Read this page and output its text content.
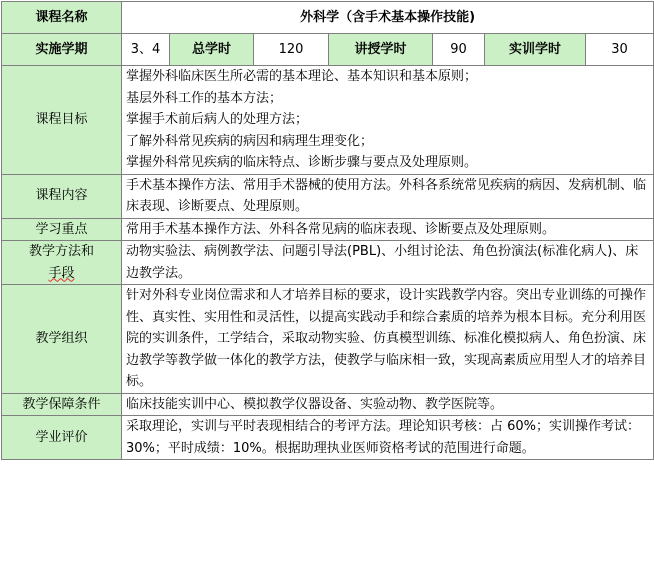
课程名称	外科学（含手术基本操作技能)						
实施学期	3、4	总学时	120	讲授学时	90	实训学时	30
课程目标	掌握外科临床医生所必需的基本理论、基本知识和基本原则；
基层外科工作的基本方法；
掌握手术前后病人的处理方法；
了解外科常见疾病的病因和病理生理变化；
掌握外科常见疾病的临床特点、诊断步骤与要点及处理原则。						

课程内容	手术基本操作方法、常用手术器械的使用方法。外科各系统常见疾病的病因、发病机制、临床表现、诊断要点、处理原则。						
学习重点	常用手术基本操作方法、外科各常见病的临床表现、诊断要点及处理原则。						
教学方法和
手段	动物实验法、病例教学法、问题引导法(PBL)、小组讨论法、角色扮演法(标准化病人)、床边教学法。						
教学组织	针对外科专业岗位需求和人才培养目标的要求，设计实践教学内容。突出专业训练的可操作性、真实性、实用性和灵活性，以提高实践动手和综合素质的培养为根本目标。充分利用医院的实训条件，工学结合，采取动物实验、仿真模型训练、标准化模拟病人、角色扮演、床边教学等教学做一体化的教学方法，使教学与临床相一致，实现高素质应用型人才的培养目标。						
教学保障条件	临床技能实训中心、模拟教学仪器设备、实验动物、教学医院等。						
学业评价	采取理论，实训与平时表现相结合的考评方法。理论知识考核：占 60%；实训操作考试：30%；平时成绩：10%。根据助理执业医师资格考试的范围进行命题。						
